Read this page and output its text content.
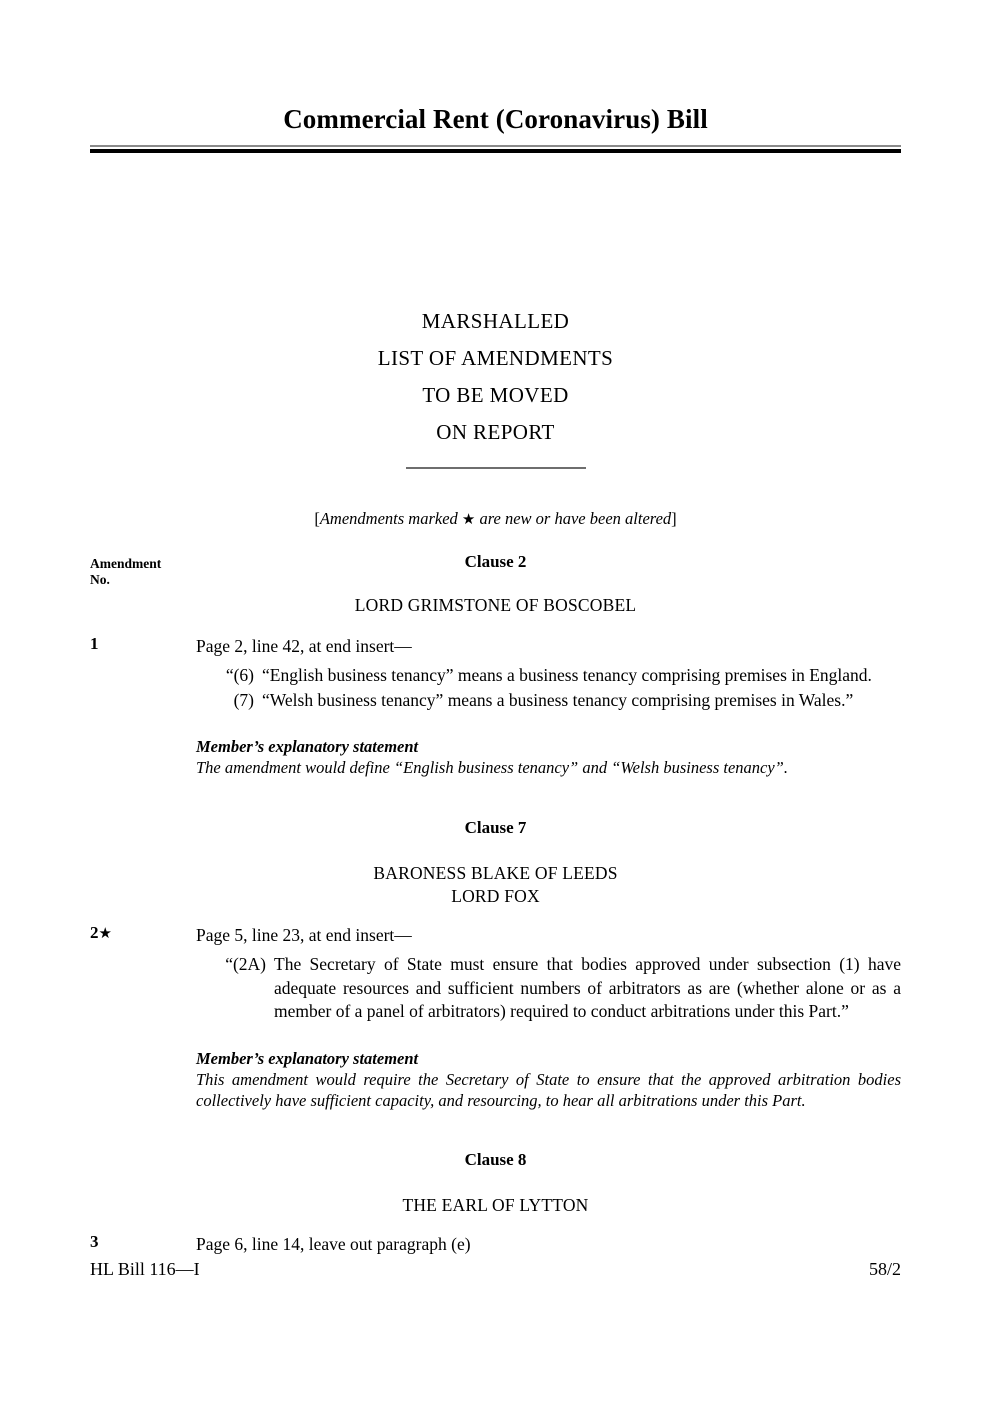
Commercial Rent (Coronavirus) Bill
MARSHALLED
LIST OF AMENDMENTS
TO BE MOVED
ON REPORT
[Amendments marked ★ are new or have been altered]
Amendment
No.
Clause 2
LORD GRIMSTONE OF BOSCOBEL
1	Page 2, line 42, at end insert—
“(6) “English business tenancy” means a business tenancy comprising premises in England.
(7) “Welsh business tenancy” means a business tenancy comprising premises in Wales.”
Member’s explanatory statement
The amendment would define “English business tenancy” and “Welsh business tenancy”.
Clause 7
BARONESS BLAKE OF LEEDS
LORD FOX
2★	Page 5, line 23, at end insert—
“(2A) The Secretary of State must ensure that bodies approved under subsection (1) have adequate resources and sufficient numbers of arbitrators as are (whether alone or as a member of a panel of arbitrators) required to conduct arbitrations under this Part.”
Member’s explanatory statement
This amendment would require the Secretary of State to ensure that the approved arbitration bodies collectively have sufficient capacity, and resourcing, to hear all arbitrations under this Part.
Clause 8
THE EARL OF LYTTON
3	Page 6, line 14, leave out paragraph (e)
HL Bill 116—I	58/2
